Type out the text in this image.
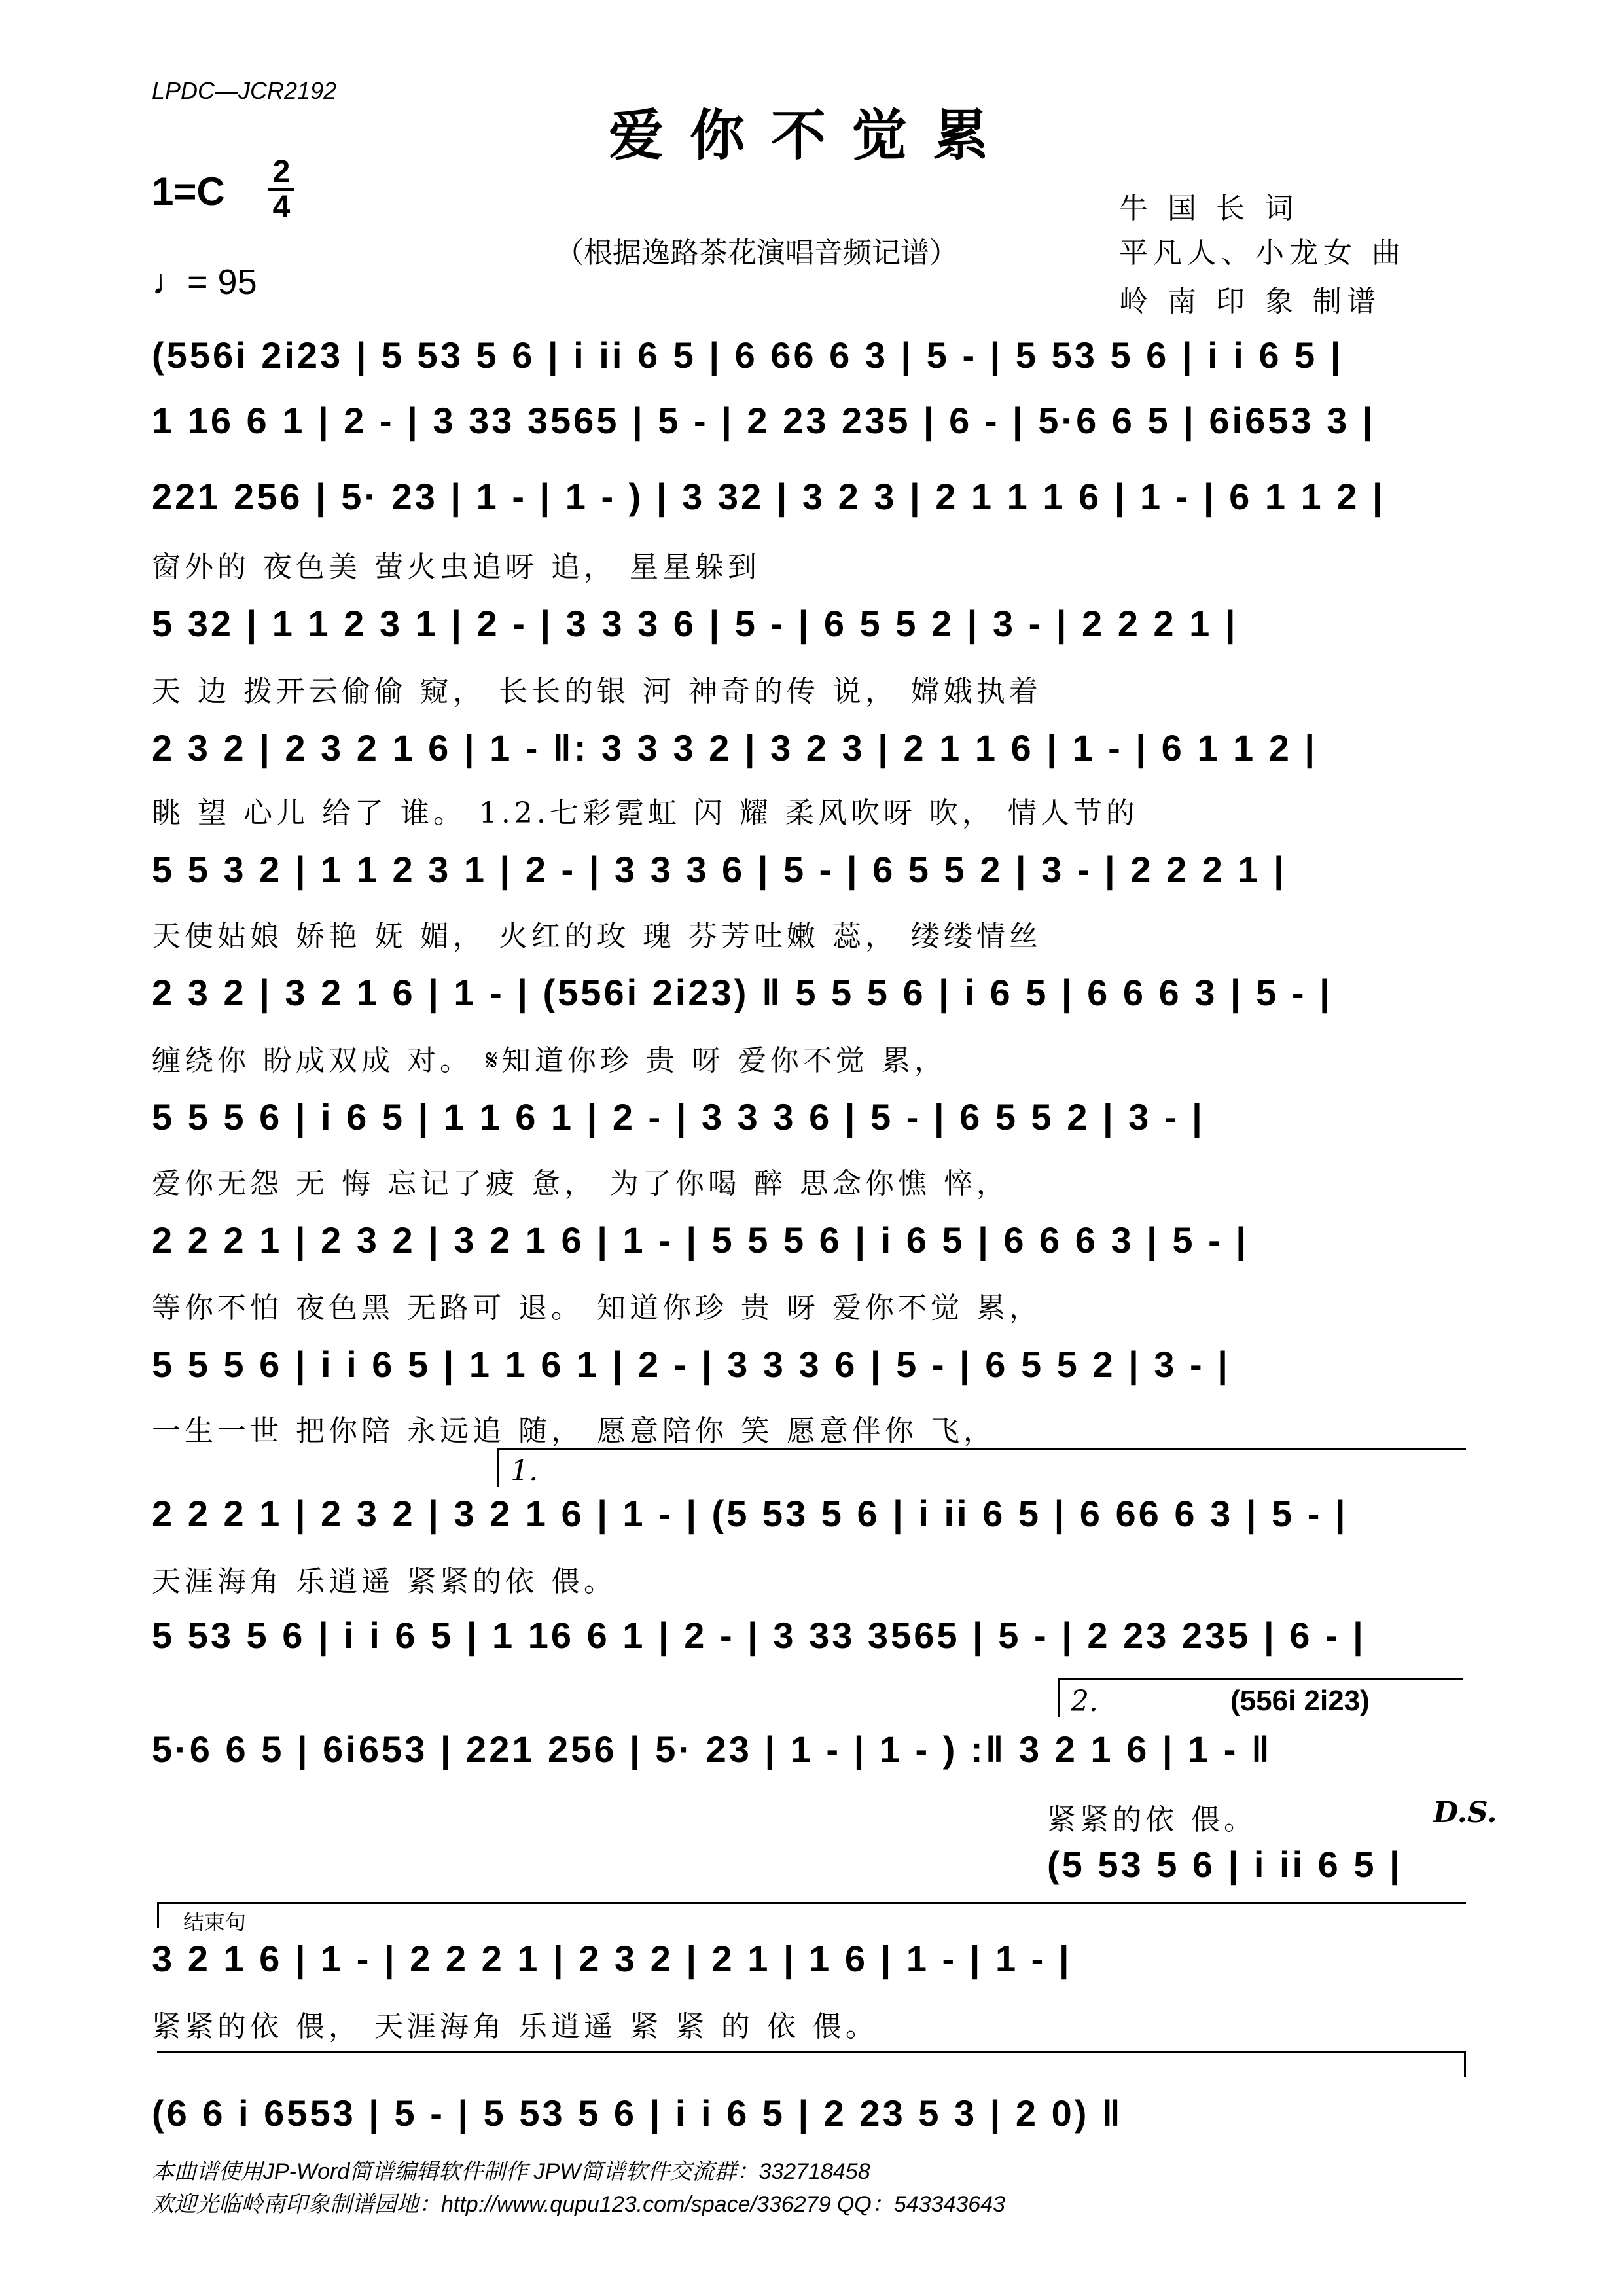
LPDC—JCR2192
爱你不觉累
1=C 2
4
♩= 95
（根据逸路茶花演唱音频记谱）
牛 国 长 词
平凡人、小龙女 曲
岭 南 印 象 制谱
(556i 2i23 | 5 53 5 6 | i ii 6 5 | 6 66 6 3 | 5 - | 5 53 5 6 | i i 6 5 |
1 16 6 1 | 2 - | 3 33 3565 | 5 - | 2 23 235 | 6 - | 5·6 6 5 | 6i653 3 |
221 256 | 5· 23 | 1 - | 1 - ) | 3 32 | 3 2 3 | 2 1 1 1 6 | 1 - | 6 1 1 2 |
窗外的 夜色美 萤火虫追呀 追， 星星躲到
5 32 | 1 1 2 3 1 | 2 - | 3 3 3 6 | 5 - | 6 5 5 2 | 3 - | 2 2 2 1 |
天 边 拨开云偷偷 窥， 长长的银 河 神奇的传 说， 嫦娥执着
2 3 2 | 2 3 2 1 6 | 1 - ‖: 3 3 3 2 | 3 2 3 | 2 1 1 6 | 1 - | 6 1 1 2 |
眺 望 心儿 给了 谁。 1.2.七彩霓虹 闪 耀 柔风吹呀 吹， 情人节的
5 5 3 2 | 1 1 2 3 1 | 2 - | 3 3 3 6 | 5 - | 6 5 5 2 | 3 - | 2 2 2 1 |
天使姑娘 娇艳 妩 媚， 火红的玫 瑰 芬芳吐嫩 蕊， 缕缕情丝
2 3 2 | 3 2 1 6 | 1 - | (556i 2i23) ‖ 5 5 5 6 | i 6 5 | 6 6 6 3 | 5 - |
缠绕你 盼成双成 对。 𝄋知道你珍 贵 呀 爱你不觉 累，
5 5 5 6 | i 6 5 | 1 1 6 1 | 2 - | 3 3 3 6 | 5 - | 6 5 5 2 | 3 - |
爱你无怨 无 悔 忘记了疲 惫， 为了你喝 醉 思念你憔 悴，
2 2 2 1 | 2 3 2 | 3 2 1 6 | 1 - | 5 5 5 6 | i 6 5 | 6 6 6 3 | 5 - |
等你不怕 夜色黑 无路可 退。 知道你珍 贵 呀 爱你不觉 累，
5 5 5 6 | i i 6 5 | 1 1 6 1 | 2 - | 3 3 3 6 | 5 - | 6 5 5 2 | 3 - |
一生一世 把你陪 永远追 随， 愿意陪你 笑 愿意伴你 飞，
1.
2 2 2 1 | 2 3 2 | 3 2 1 6 | 1 - | (5 53 5 6 | i ii 6 5 | 6 66 6 3 | 5 - |
天涯海角 乐逍遥 紧紧的依 偎。
5 53 5 6 | i i 6 5 | 1 16 6 1 | 2 - | 3 33 3565 | 5 - | 2 23 235 | 6 - |
2.	(556i 2i23)
5·6 6 5 | 6i653 | 221 256 | 5· 23 | 1 - | 1 - ) :‖ 3 2 1 6 | 1 - ‖
紧紧的依 偎。	D.S.
(5 53 5 6 | i ii 6 5 |
结束句
3 2 1 6 | 1 - | 2 2 2 1 | 2 3 2 | 2 1 | 1 6 | 1 - | 1 - |
紧紧的依 偎， 天涯海角 乐逍遥 紧 紧 的 依 偎。
(6 6 i 6553 | 5 - | 5 53 5 6 | i i 6 5 | 2 23 5 3 | 2 0) ‖
本曲谱使用JP-Word简谱编辑软件制作 JPW简谱软件交流群：332718458
欢迎光临岭南印象制谱园地：http://www.qupu123.com/space/336279 QQ：543343643
